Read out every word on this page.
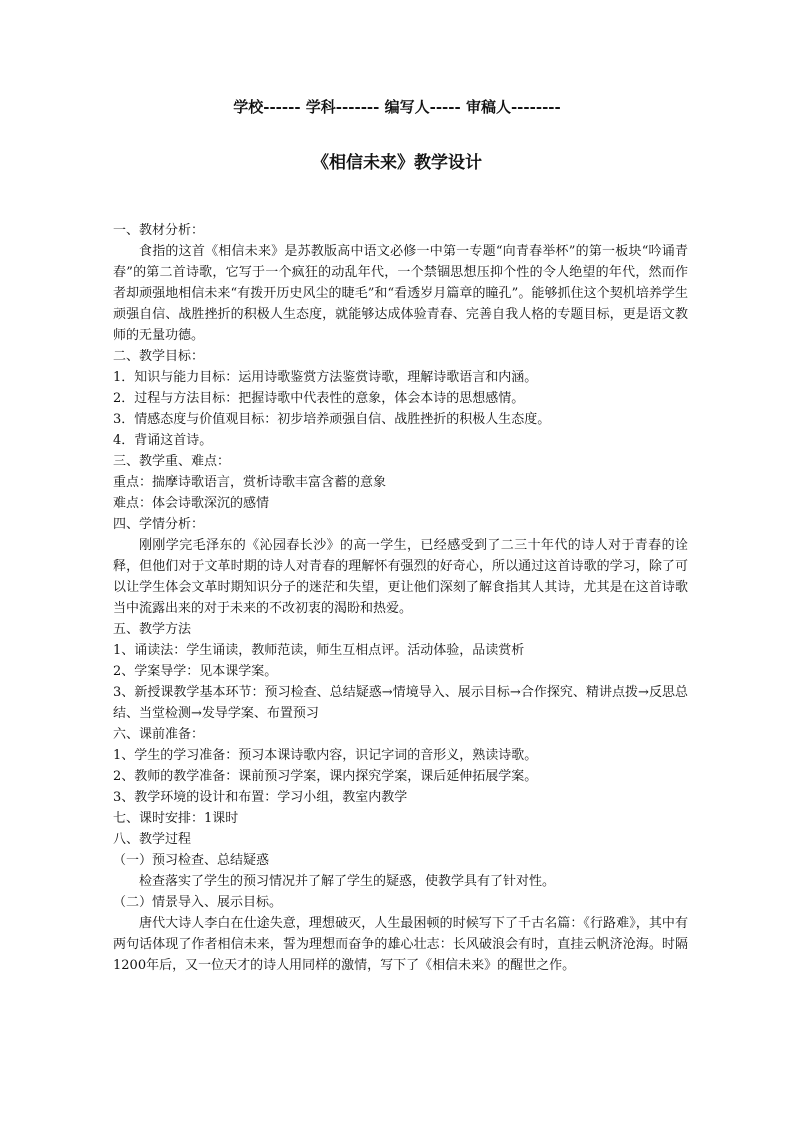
学校------ 学科------- 编写人----- 审稿人--------
《相信未来》教学设计

一、教材分析：

食指的这首《相信未来》是苏教版高中语文必修一中第一专题“向青春举杯”的第一板块“吟诵青春”的第二首诗歌，它写于一个疯狂的动乱年代，一个禁锢思想压抑个性的令人绝望的年代，然而作者却顽强地相信未来“有拨开历史风尘的睫毛”和“看透岁月篇章的瞳孔”。能够抓住这个契机培养学生顽强自信、战胜挫折的积极人生态度，就能够达成体验青春、完善自我人格的专题目标，更是语文教师的无量功德。

二、教学目标：

1．知识与能力目标：运用诗歌鉴赏方法鉴赏诗歌，理解诗歌语言和内涵。

2．过程与方法目标：把握诗歌中代表性的意象，体会本诗的思想感情。

3．情感态度与价值观目标：初步培养顽强自信、战胜挫折的积极人生态度。

4．背诵这首诗。

三、教学重、难点：

重点：揣摩诗歌语言，赏析诗歌丰富含蓄的意象

难点：体会诗歌深沉的感情

四、学情分析：

刚刚学完毛泽东的《沁园春长沙》的高一学生，已经感受到了二三十年代的诗人对于青春的诠释，但他们对于文革时期的诗人对青春的理解怀有强烈的好奇心，所以通过这首诗歌的学习，除了可以让学生体会文革时期知识分子的迷茫和失望，更让他们深刻了解食指其人其诗，尤其是在这首诗歌当中流露出来的对于未来的不改初衷的渴盼和热爱。

五、教学方法

1、诵读法：学生诵读，教师范读，师生互相点评。活动体验，品读赏析

2、学案导学：见本课学案。

3、新授课教学基本环节：预习检查、总结疑惑→情境导入、展示目标→合作探究、精讲点拨→反思总结、当堂检测→发导学案、布置预习

六、课前准备：

1、学生的学习准备：预习本课诗歌内容，识记字词的音形义，熟读诗歌。

2、教师的教学准备：课前预习学案，课内探究学案，课后延伸拓展学案。

3、教学环境的设计和布置：学习小组，教室内教学

七、课时安排：1课时

八、教学过程

（一）预习检查、总结疑惑

检查落实了学生的预习情况并了解了学生的疑惑，使教学具有了针对性。

（二）情景导入、展示目标。

唐代大诗人李白在仕途失意，理想破灭，人生最困顿的时候写下了千古名篇：《行路难》，其中有两句话体现了作者相信未来，誓为理想而奋争的雄心壮志：长风破浪会有时，直挂云帆济沧海。时隔1200年后，又一位天才的诗人用同样的激情，写下了《相信未来》的醒世之作。
